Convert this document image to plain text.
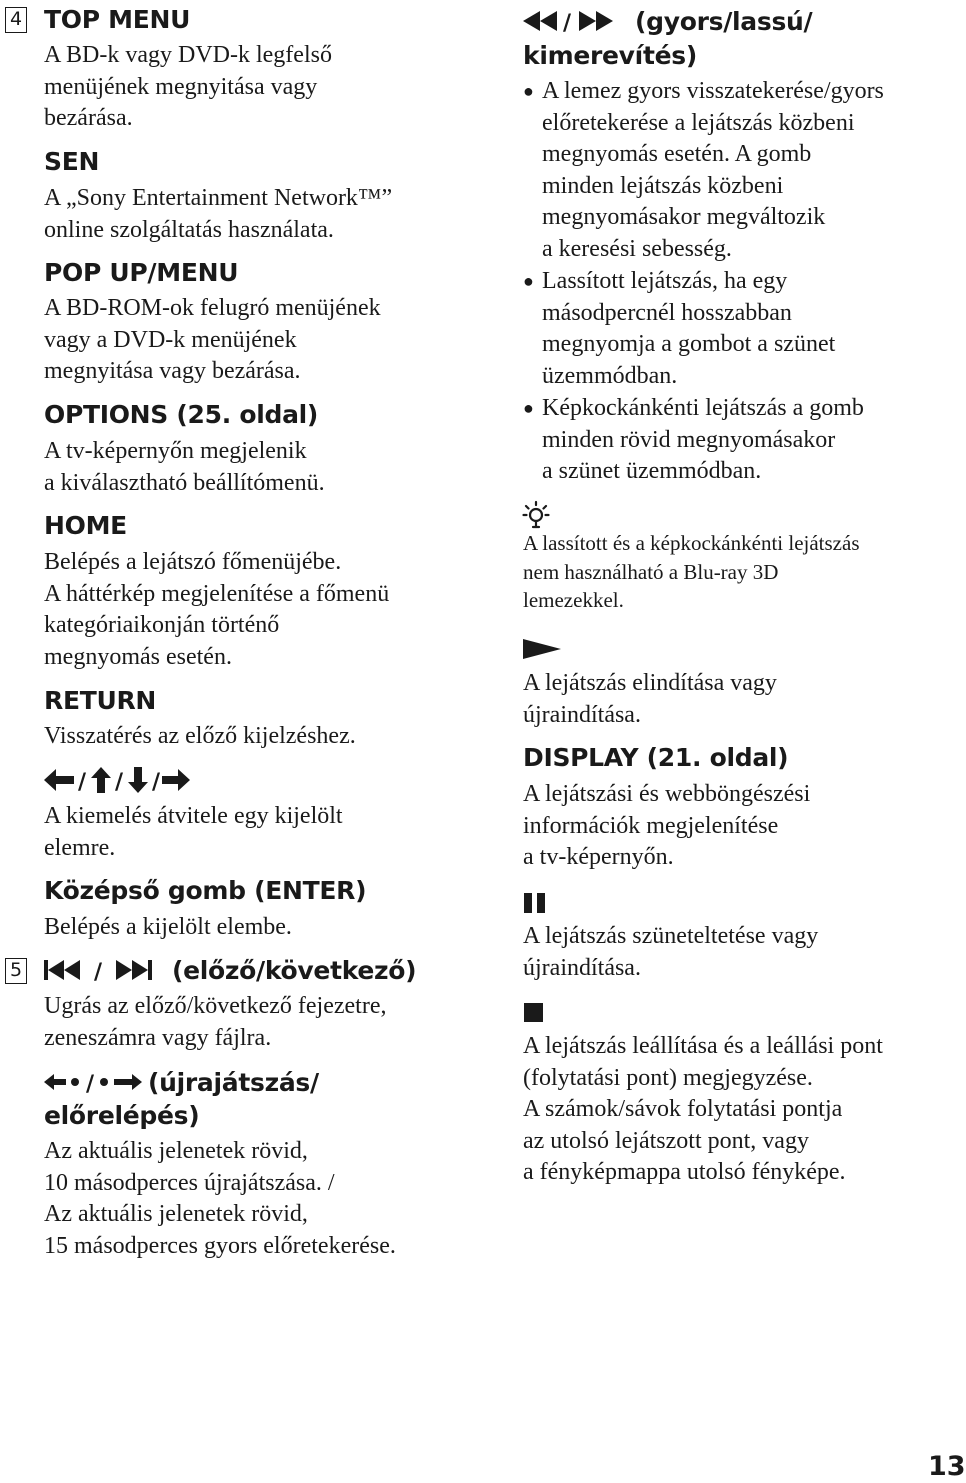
4 TOP MENU
A BD-k vagy DVD-k legfelső
menüjének megnyitása vagy
bezárása.
SEN
A „Sony Entertainment Network™”
online szolgáltatás használata.
POP UP/MENU
A BD-ROM-ok felugró menüjének
vagy a DVD-k menüjének
megnyitása vagy bezárása.
OPTIONS (25. oldal)
A tv-képernyőn megjelenik
a kiválasztható beállítómenü.
HOME
Belépés a lejátszó főmenüjébe.
A háttérkép megjelenítése a főmenü
kategóriaikonján történő
megnyomás esetén.
RETURN
Visszatérés az előző kijelzéshez.
/ / /
A kiemelés átvitele egy kijelölt
elemre.
Középső gomb (ENTER)
Belépés a kijelölt elembe.
5	/	(előző/következő)
Ugrás az előző/következő fejezetre,
zeneszámra vagy fájlra.
/ (újrajátszás/
előrelépés)
Az aktuális jelenetek rövid,
10 másodperces újrajátszása. /
Az aktuális jelenetek rövid,
15 másodperces gyors előretekerése.
/	(gyors/lassú/
kimerevítés)
● A lemez gyors visszatekerése/gyors
előretekerése a lejátszás közbeni
megnyomás esetén. A gomb
minden lejátszás közbeni
megnyomásakor megváltozik
a keresési sebesség.
● Lassított lejátszás, ha egy
másodpercnél hosszabban
megnyomja a gombot a szünet
üzemmódban.
● Képkockánkénti lejátszás a gomb
minden rövid megnyomásakor
a szünet üzemmódban.
A lassított és a képkockánkénti lejátszás
nem használható a Blu-ray 3D
lemezekkel.
A lejátszás elindítása vagy
újraindítása.
DISPLAY (21. oldal)
A lejátszási és webböngészési
információk megjelenítése
a tv-képernyőn.
A lejátszás szüneteltetése vagy
újraindítása.
A lejátszás leállítása és a leállási pont
(folytatási pont) megjegyzése.
A számok/sávok folytatási pontja
az utolsó lejátszott pont, vagy
a fényképmappa utolsó fényképe.
13
